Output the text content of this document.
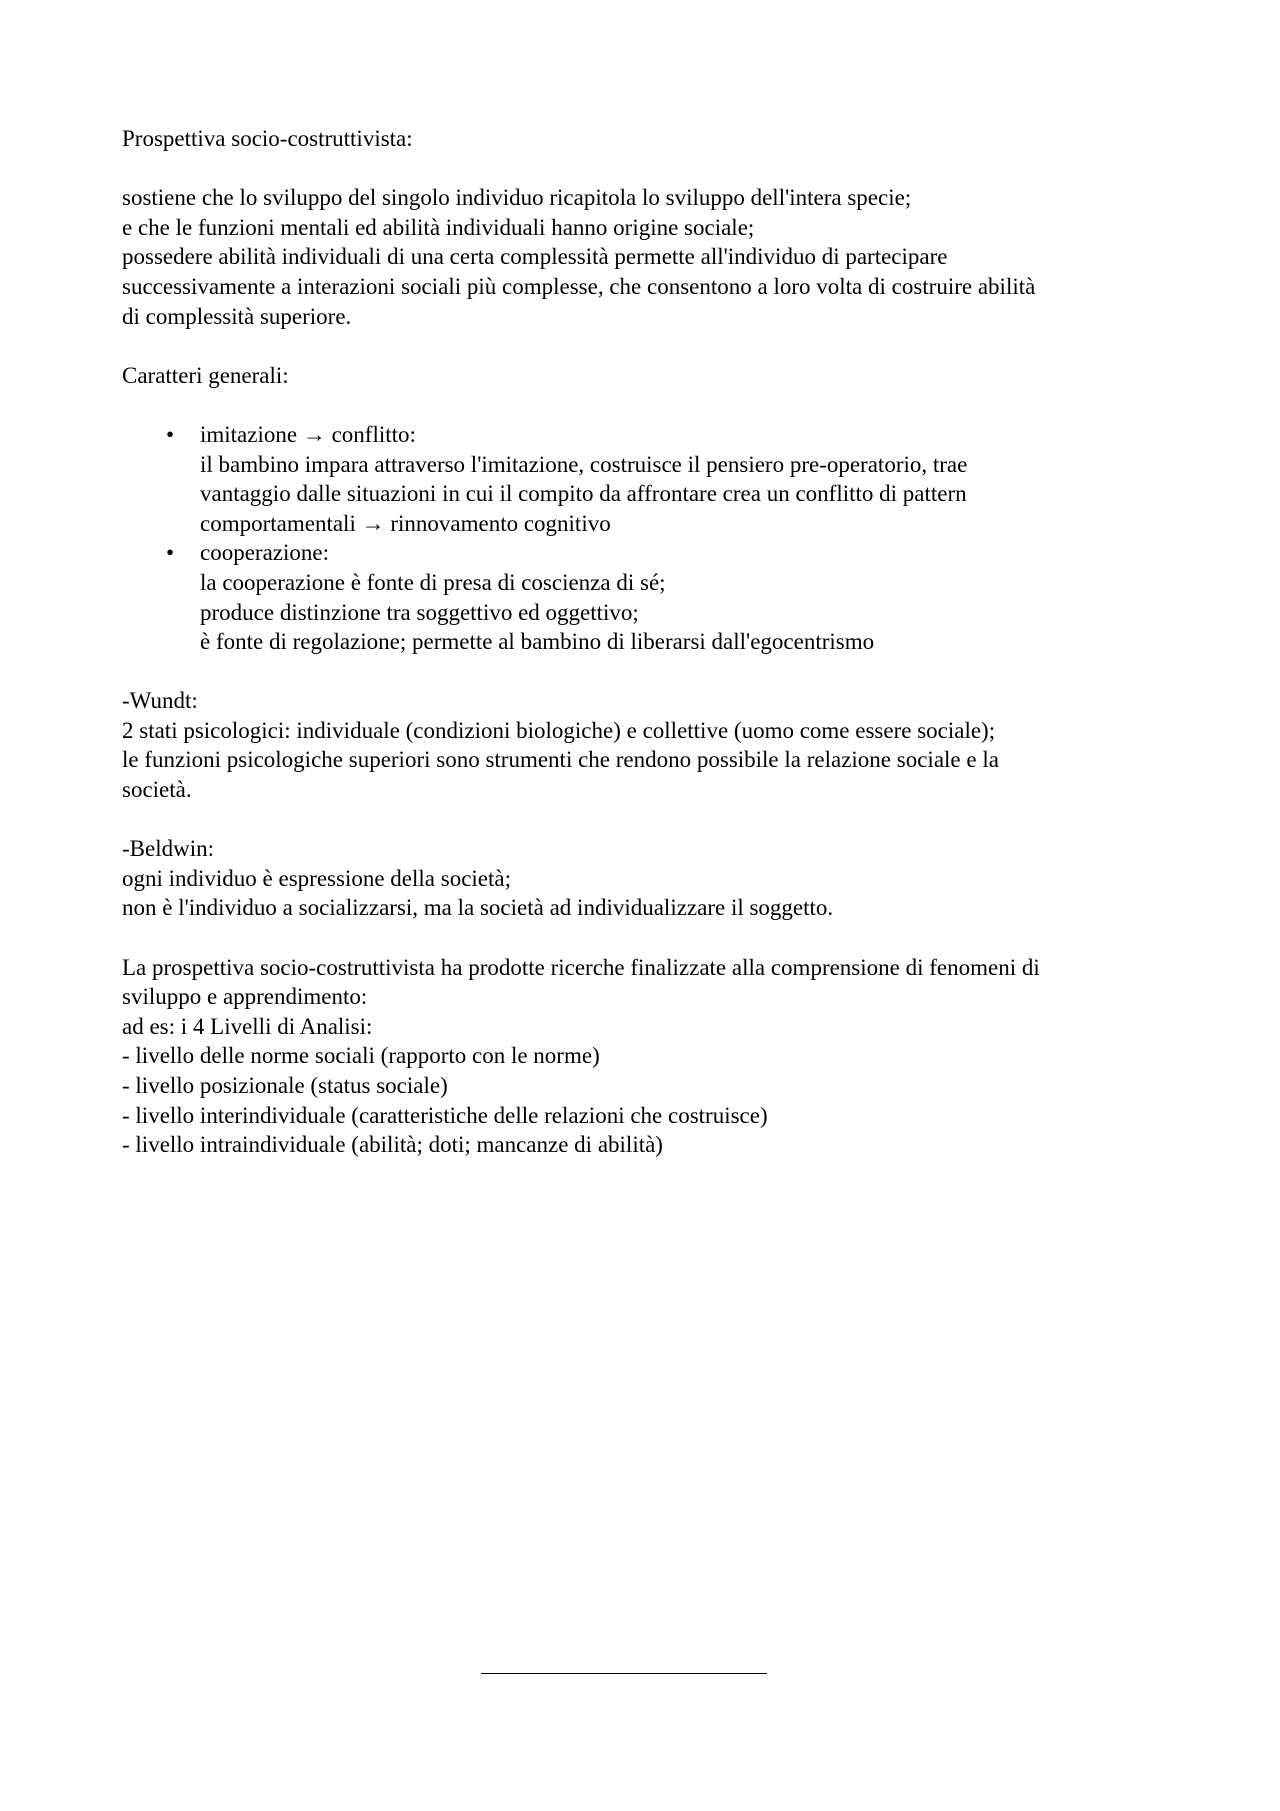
Prospettiva socio-costruttivista:
sostiene che lo sviluppo del singolo individuo ricapitola lo sviluppo dell'intera specie;
e che le funzioni mentali ed abilità individuali hanno origine sociale;
possedere abilità individuali di una certa complessità permette all'individuo di partecipare
successivamente a interazioni sociali più complesse, che consentono a loro volta di costruire abilità
di complessità superiore.
Caratteri generali:
• imitazione → conflitto:
il bambino impara attraverso l'imitazione, costruisce il pensiero pre-operatorio, trae
vantaggio dalle situazioni in cui il compito da affrontare crea un conflitto di pattern
comportamentali → rinnovamento cognitivo
• cooperazione:
la cooperazione è fonte di presa di coscienza di sé;
produce distinzione tra soggettivo ed oggettivo;
è fonte di regolazione; permette al bambino di liberarsi dall'egocentrismo
-Wundt:
2 stati psicologici: individuale (condizioni biologiche) e collettive (uomo come essere sociale);
le funzioni psicologiche superiori sono strumenti che rendono possibile la relazione sociale e la
società.
-Beldwin:
ogni individuo è espressione della società;
non è l'individuo a socializzarsi, ma la società ad individualizzare il soggetto.
La prospettiva socio-costruttivista ha prodotte ricerche finalizzate alla comprensione di fenomeni di
sviluppo e apprendimento:
ad es: i 4 Livelli di Analisi:
- livello delle norme sociali (rapporto con le norme)
- livello posizionale (status sociale)
- livello interindividuale (caratteristiche delle relazioni che costruisce)
- livello intraindividuale (abilità; doti; mancanze di abilità)
